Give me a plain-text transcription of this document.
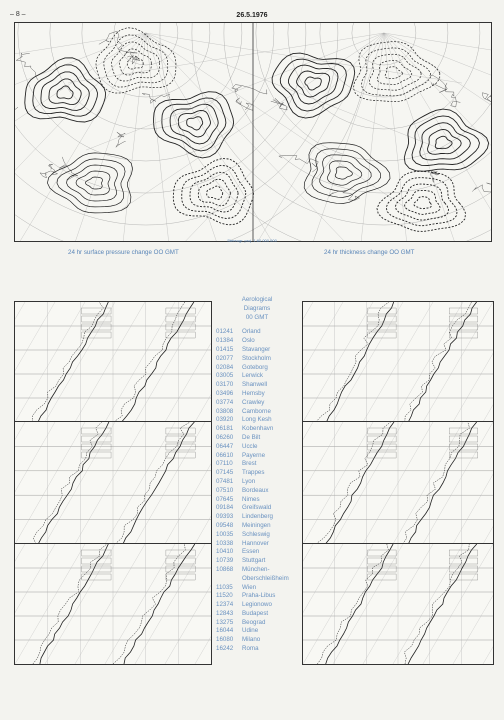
– 8 –	26.5.1976
Stereogr. proj. 1:60 000 000
24 hr surface pressure change OO GMT	24 hr thickness change OO GMT
Aerological
Diagrams
00 GMT
01241	Orland
01384	Oslo
01415	Stavanger
02077	Stockholm
02084	Goteborg
03005	Lerwick
03170	Shanwell
03496	Hemsby
03774	Crawley
03808	Camborne
03920	Long Kesh
06181	Kobenhavn
06260	De Bilt
06447	Uccle
06610	Payerne
07110	Brest
07145	Trappes
07481	Lyon
07510	Bordeaux
07645	Nimes
09184	Greifswald
09393	Lindenberg
09548	Meiningen
10035	Schleswig
10338	Hannover
10410	Essen
10739	Stuttgart
10868	München-
Oberschleißheim
11035	Wien
11520	Praha-Libus
12374	Legionowo
12843	Budapest
13275	Beograd
16044	Udine
16080	Milano
16242	Roma
